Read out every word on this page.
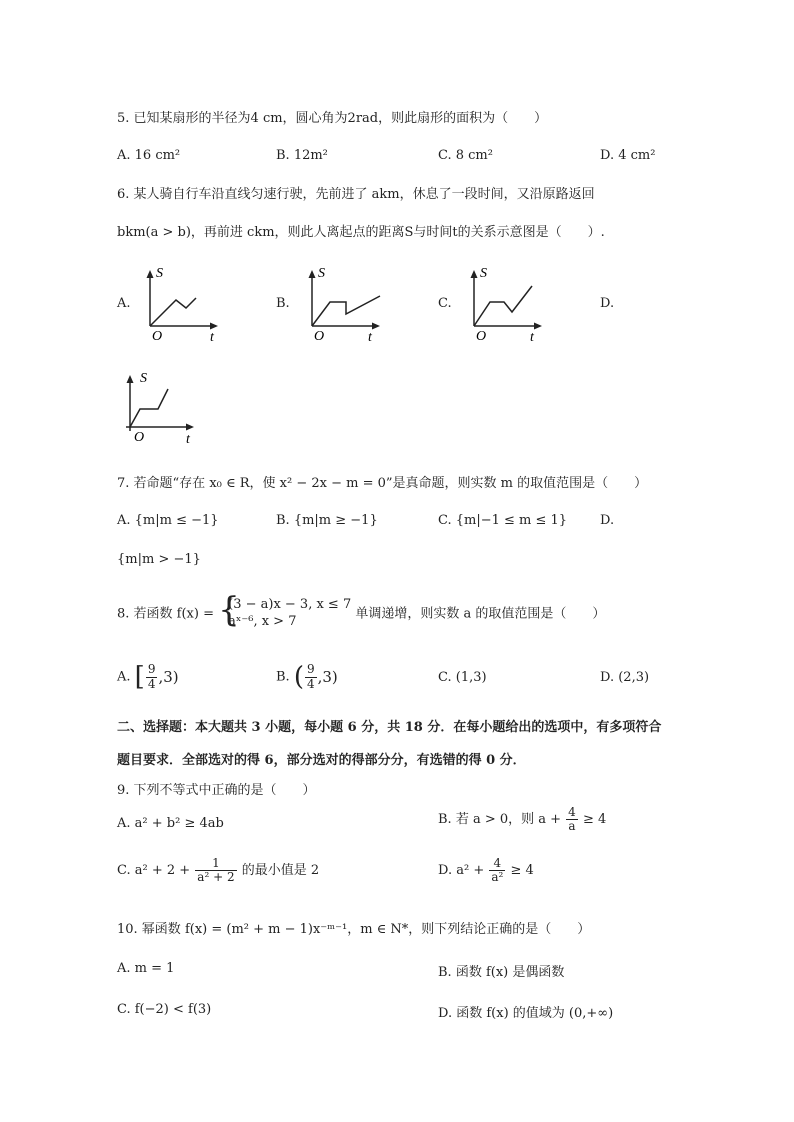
5. 已知某扇形的半径为4 cm，圆心角为2rad，则此扇形的面积为（　　）
A. 16 cm²	B. 12m²	C. 8 cm²	D. 4 cm²
6. 某人骑自行车沿直线匀速行驶，先前进了 akm，休息了一段时间，又沿原路返回
bkm(a > b)，再前进 ckm，则此人离起点的距离S与时间t的关系示意图是（　　）.
A.	B.	C.	D.
S
O	t
S
O	t
S
O	t
S
O	t
7. 若命题“存在 x₀ ∈ R，使 x² − 2x − m = 0”是真命题，则实数 m 的取值范围是（　　）
A. {m|m ≤ −1}	B. {m|m ≥ −1}	C. {m|−1 ≤ m ≤ 1}	D.
{m|m > −1}
8. 若函数 f(x) =
{ (3 − a)x − 3, x ≤ 7
aˣ⁻⁶, x > 7	单调递增，则实数 a 的取值范围是（　　）
A. [ $\frac{9}{4} ,3$)	B. ( $\frac{9}{4} ,3$)	C. (1,3)	D. (2,3)
二、选择题：本大题共 3 小题，每小题 6 分，共 18 分．在每小题给出的选项中，有多项符合
题目要求．全部选对的得 6，部分选对的得部分分，有选错的得 0 分．
9. 下列不等式中正确的是（　　）
A. a² + b² ≥ 4ab	B. 若 a > 0，则 $a + \frac{4}{a} \ge 4$
C. $a^2 + 2 + \frac{1}{\text{a² + 2}}$ 的最小值是 2	D. $a^2 + \frac{4}{\text{a²}} \ge 4$
10. 幂函数 f(x) = (m² + m − 1)x⁻ᵐ⁻¹，m ∈ N*，则下列结论正确的是（　　）
A. m = 1	B. 函数 f(x) 是偶函数
C. f(−2) < f(3)	D. 函数 f(x) 的值域为 (0,+∞)
